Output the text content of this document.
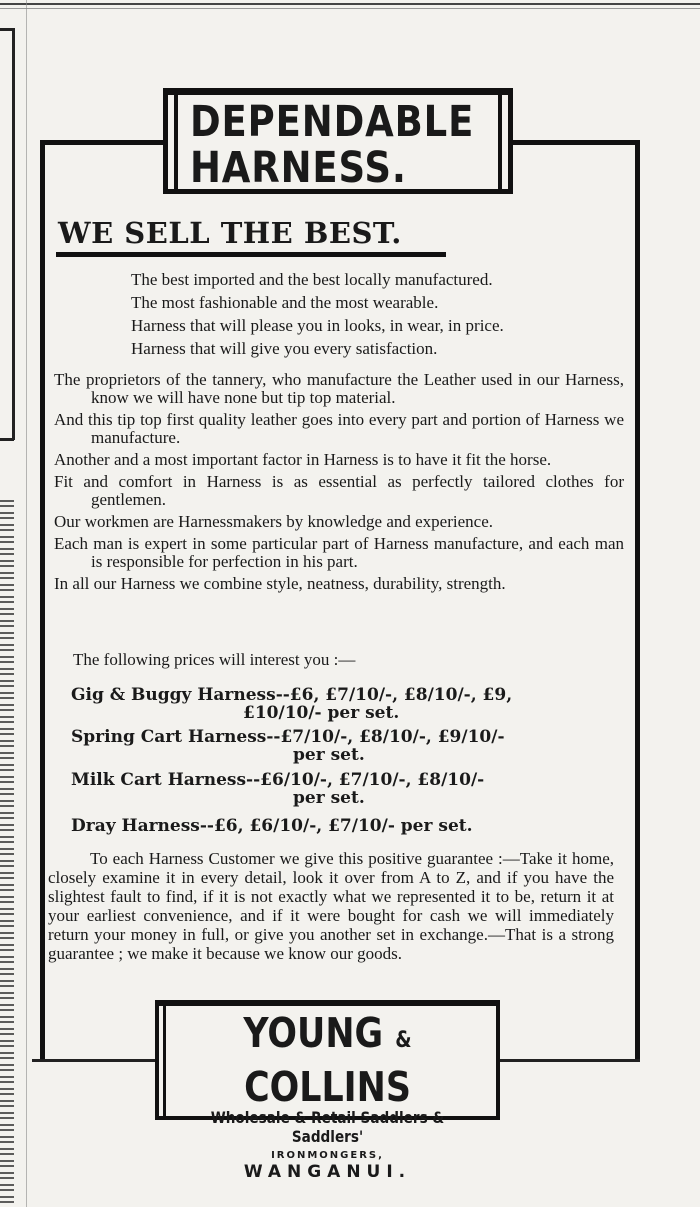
DEPENDABLE
HARNESS.
WE SELL THE BEST.
The best imported and the best locally manufactured.
The most fashionable and the most wearable.
Harness that will please you in looks, in wear, in price.
Harness that will give you every satisfaction.

The proprietors of the tannery, who manufacture the Leather used in our Harness, know we will have none but tip top material.

And this tip top first quality leather goes into every part and portion of Harness we manufacture.

Another and a most important factor in Harness is to have it fit the horse.

Fit and comfort in Harness is as essential as perfectly tailored clothes for gentlemen.

Our workmen are Harnessmakers by knowledge and experience.

Each man is expert in some particular part of Harness manufacture, and each man is responsible for perfection in his part.

In all our Harness we combine style, neatness, durability, strength.

The following prices will interest you :—
Gig & Buggy Harness--£6, £7/10/-, £8/10/-, £9,
£10/10/- per set.
Spring Cart Harness--£7/10/-, £8/10/-, £9/10/-
per set.
Milk Cart Harness--£6/10/-, £7/10/-, £8/10/-
per set.
Dray Harness--£6, £6/10/-, £7/10/- per set.
To each Harness Customer we give this positive guarantee :—Take it home, closely examine it in every detail, look it over from A to Z, and if you have the slightest fault to find, if it is not exactly what we represented it to be, return it at your earliest convenience, and if it were bought for cash we will immediately return your money in full, or give you another set in exchange.—That is a strong guarantee ; we make it because we know our goods.
YOUNG & COLLINS
Wholesale & Retail Saddlers & Saddlers'
IRONMONGERS,
WANGANUI.
